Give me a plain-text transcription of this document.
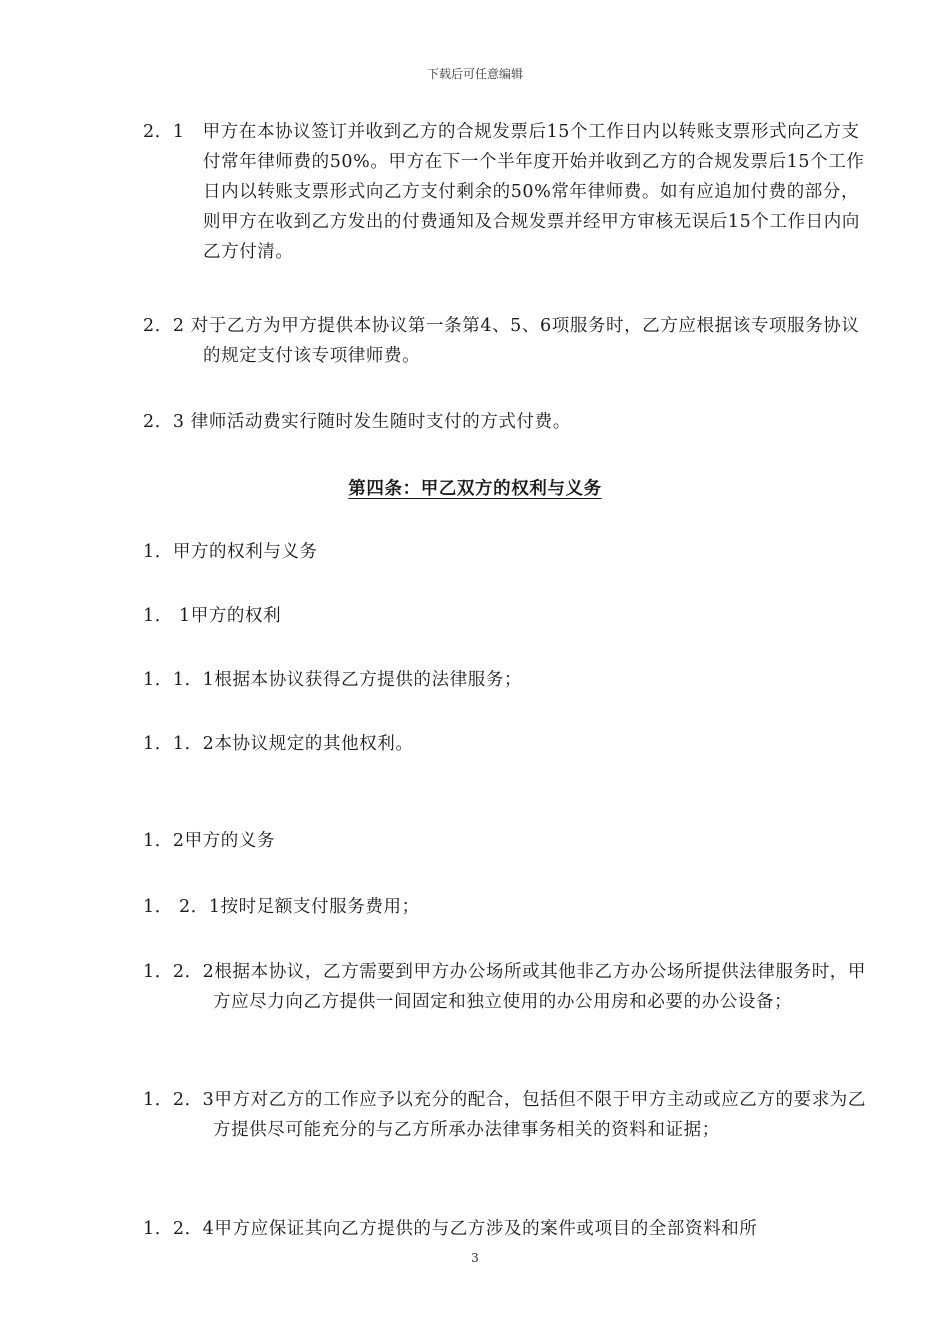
下载后可任意编辑
2．1　甲方在本协议签订并收到乙方的合规发票后15个工作日内以转账支票形式向乙方支付常年律师费的50%。甲方在下一个半年度开始并收到乙方的合规发票后15个工作日内以转账支票形式向乙方支付剩余的50%常年律师费。如有应追加付费的部分，则甲方在收到乙方发出的付费通知及合规发票并经甲方审核无误后15个工作日内向乙方付清。
2．2 对于乙方为甲方提供本协议第一条第4、5、6项服务时，乙方应根据该专项服务协议的规定支付该专项律师费。
2．3 律师活动费实行随时发生随时支付的方式付费。
第四条：甲乙双方的权利与义务
1．甲方的权利与义务
1． 1甲方的权利
1．1．1根据本协议获得乙方提供的法律服务；
1．1．2本协议规定的其他权利。
1．2甲方的义务
1． 2．1按时足额支付服务费用；
1．2．2根据本协议，乙方需要到甲方办公场所或其他非乙方办公场所提供法律服务时，甲方应尽力向乙方提供一间固定和独立使用的办公用房和必要的办公设备；
1．2．3甲方对乙方的工作应予以充分的配合，包括但不限于甲方主动或应乙方的要求为乙方提供尽可能充分的与乙方所承办法律事务相关的资料和证据；
1．2．4甲方应保证其向乙方提供的与乙方涉及的案件或项目的全部资料和所
3
